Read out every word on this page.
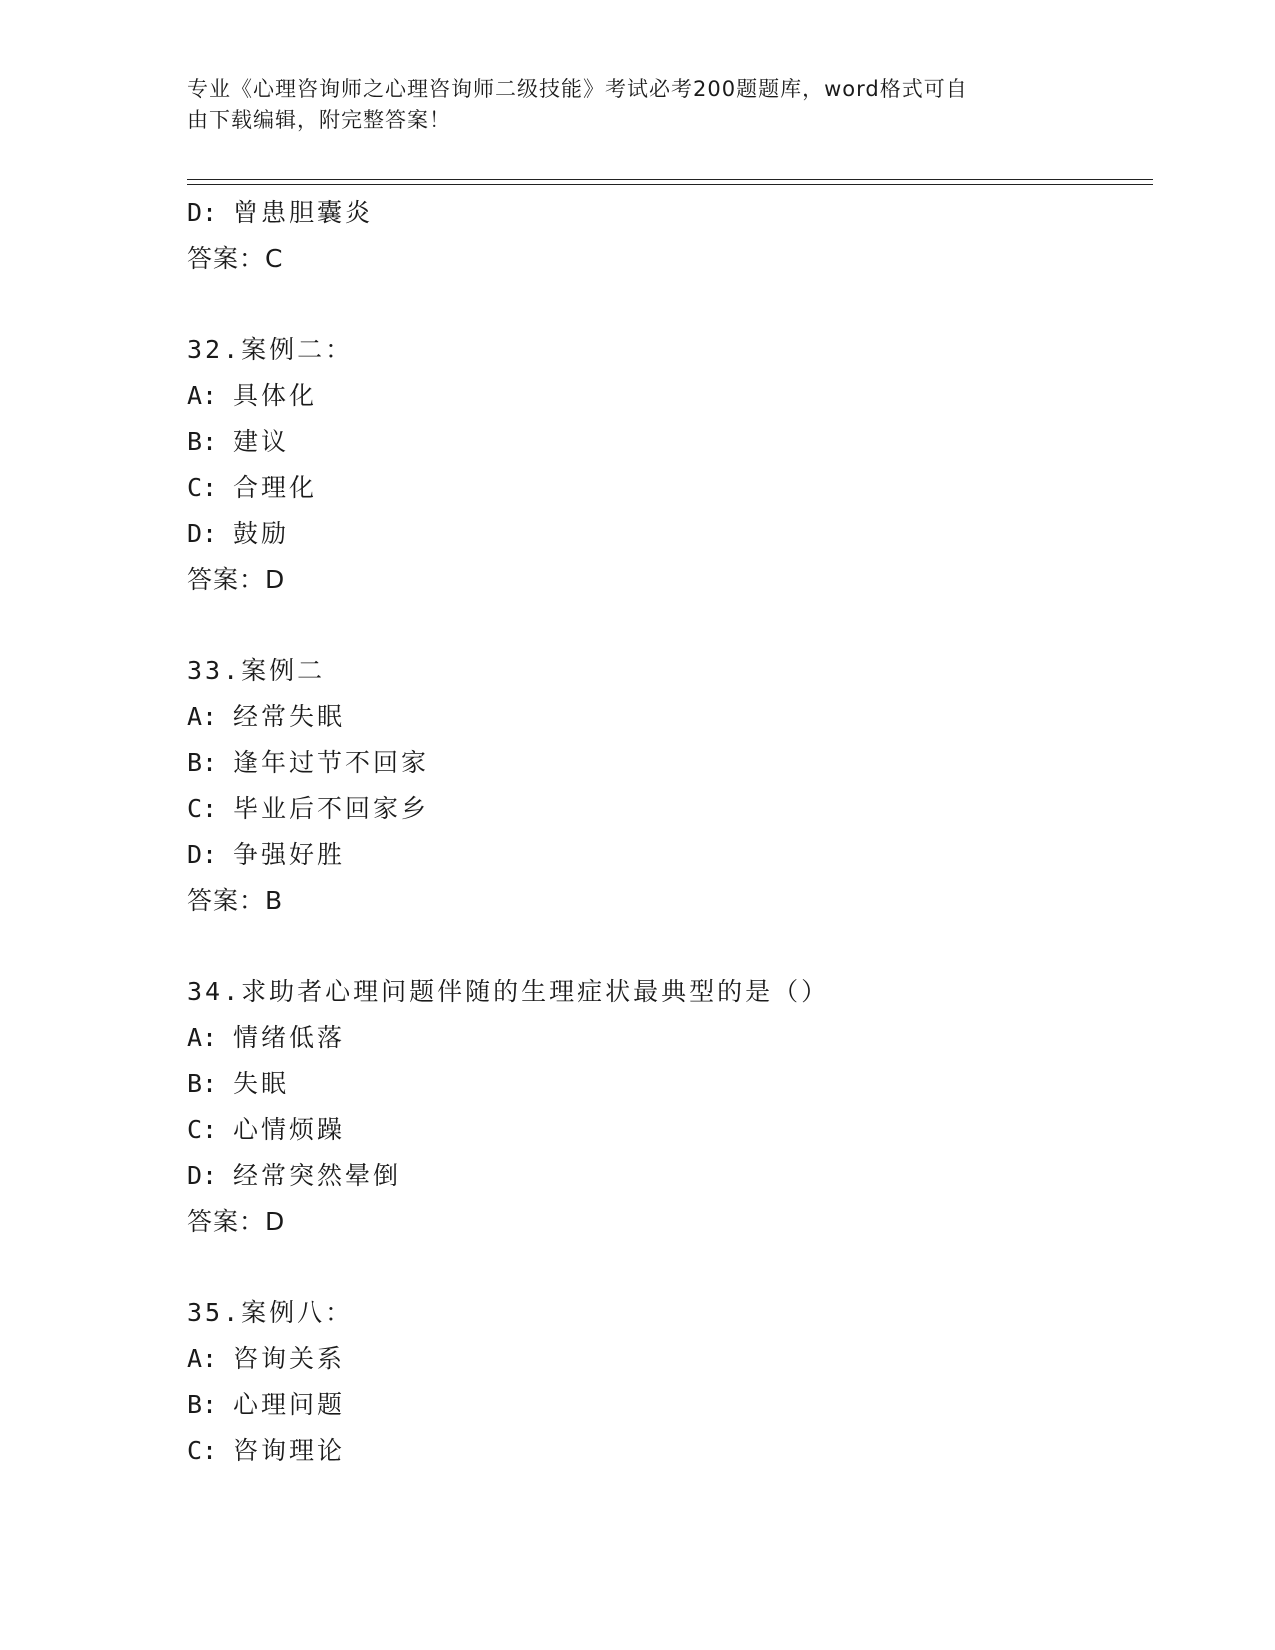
专业《心理咨询师之心理咨询师二级技能》考试必考200题题库，word格式可自
由下载编辑，附完整答案！
D: 曾患胆囊炎
答案：C
32.案例二：
A: 具体化
B: 建议
C: 合理化
D: 鼓励
答案：D
33.案例二
A: 经常失眠
B: 逢年过节不回家
C: 毕业后不回家乡
D: 争强好胜
答案：B
34.求助者心理问题伴随的生理症状最典型的是（）
A: 情绪低落
B: 失眠
C: 心情烦躁
D: 经常突然晕倒
答案：D
35.案例八：
A: 咨询关系
B: 心理问题
C: 咨询理论
